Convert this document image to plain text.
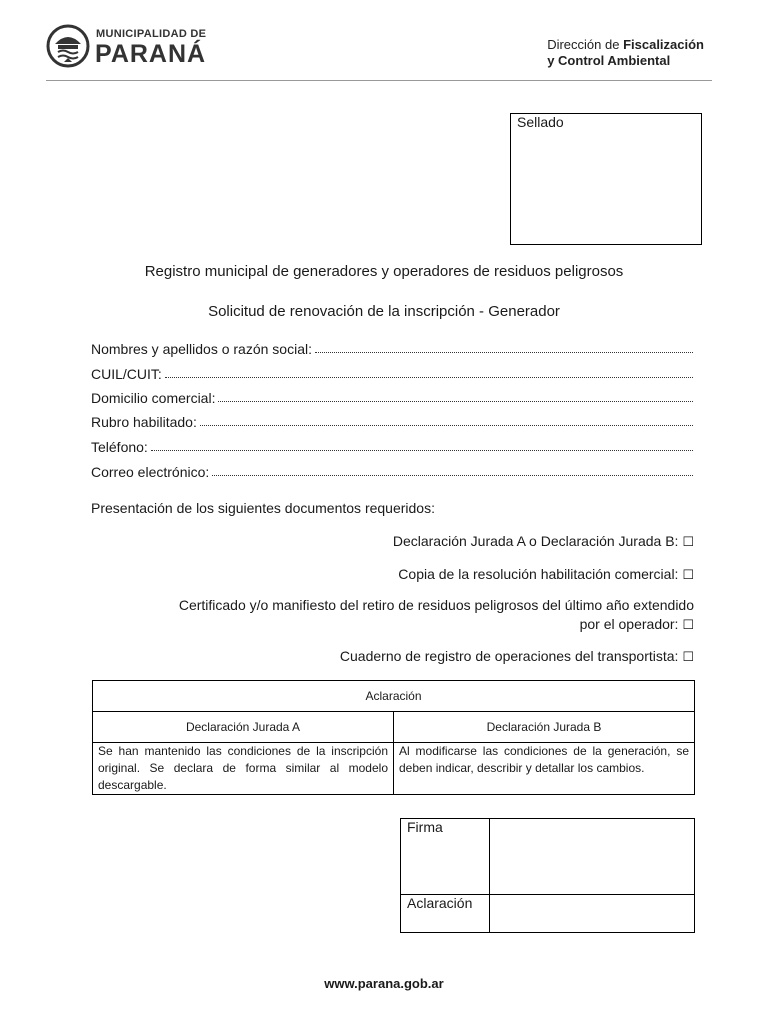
MUNICIPALIDAD DE
PARANÁ	Dirección de Fiscalización
y Control Ambiental
Sellado
Registro municipal de generadores y operadores de residuos peligrosos
Solicitud de renovación de la inscripción - Generador
Nombres y apellidos o razón social:
CUIL/CUIT:
Domicilio comercial:
Rubro habilitado:
Teléfono:
Correo electrónico:
Presentación de los siguientes documentos requeridos:
Declaración Jurada A o Declaración Jurada B: ☐
Copia de la resolución habilitación comercial: ☐
Certificado y/o manifiesto del retiro de residuos peligrosos del último año extendido
por el operador: ☐
Cuaderno de registro de operaciones del transportista: ☐
Aclaración	
Declaración Jurada A	Declaración Jurada B
Se han mantenido las condiciones de la inscripción original. Se declara de forma similar al modelo descargable.	Al modificarse las condiciones de la generación, se deben indicar, describir y detallar los cambios.
Firma	
Aclaración	
www.parana.gob.ar
